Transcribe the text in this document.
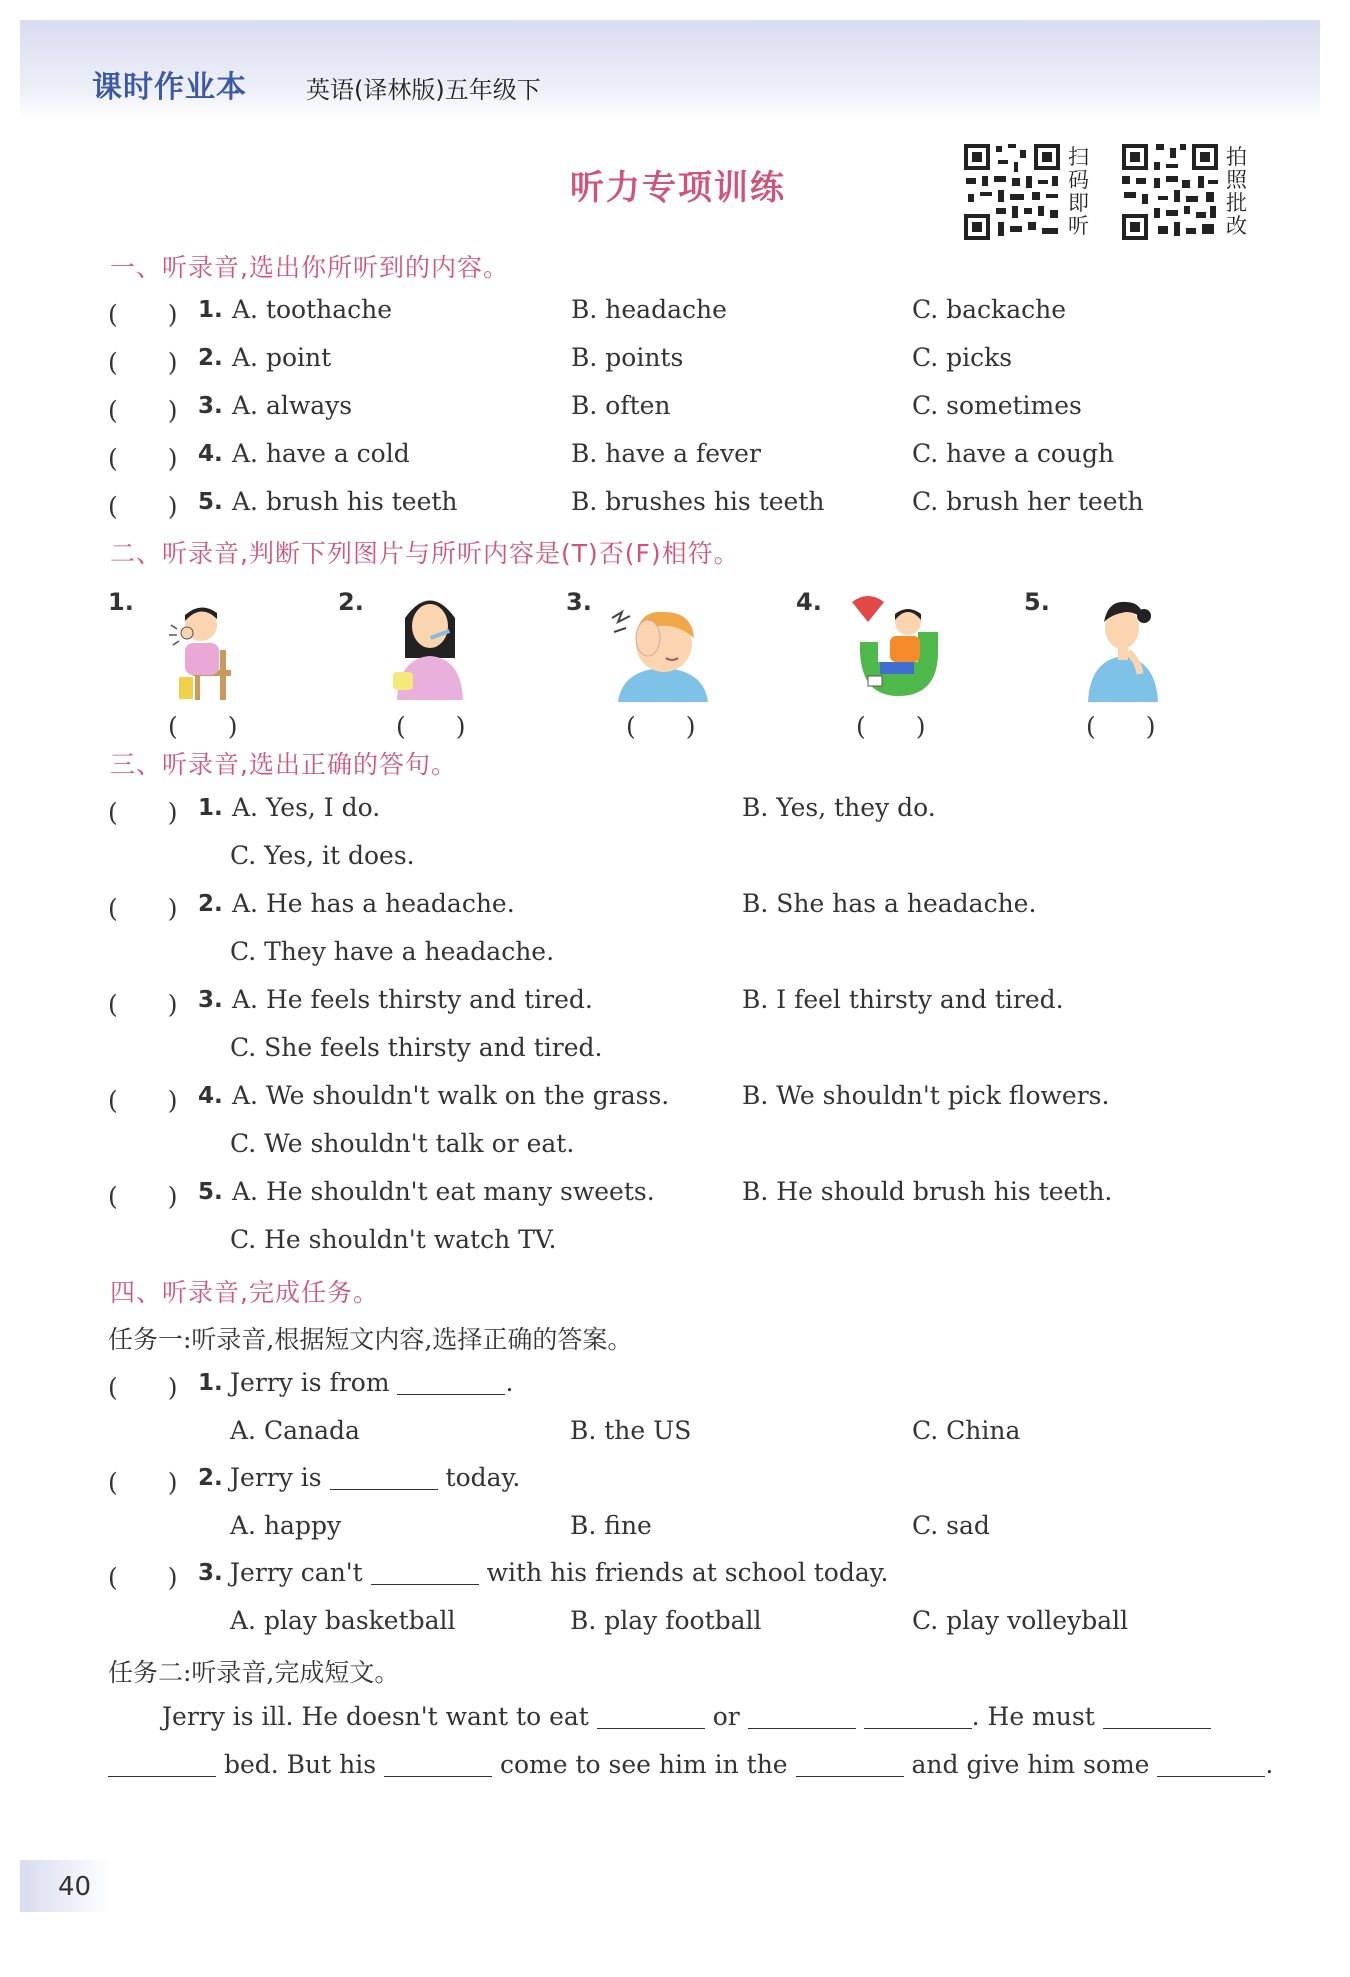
课时作业本 英语(译林版)五年级下
听力专项训练
扫
码
即
听
拍
照
批
改
一、听录音,选出你所听到的内容。
(　　) 1. A. toothache	B. headache	C. backache
(　　) 2. A. point	B. points	C. picks
(　　) 3. A. always	B. often	C. sometimes
(　　) 4. A. have a cold	B. have a fever	C. have a cough
(　　) 5. A. brush his teeth	B. brushes his teeth	C. brush her teeth
二、听录音,判断下列图片与所听内容是(T)否(F)相符。
1.	2.	3.	4.	5.
(　　)	(　　)	(　　)	(　　)	(　　)
三、听录音,选出正确的答句。
(　　) 1. A. Yes, I do.	B. Yes, they do.
C. Yes, it does.
(　　) 2. A. He has a headache.	B. She has a headache.
C. They have a headache.
(　　) 3. A. He feels thirsty and tired.	B. I feel thirsty and tired.
C. She feels thirsty and tired.
(　　) 4. A. We shouldn't walk on the grass.	B. We shouldn't pick flowers.
C. We shouldn't talk or eat.
(　　) 5. A. He shouldn't eat many sweets.	B. He should brush his teeth.
C. He shouldn't watch TV.
四、听录音,完成任务。
任务一:听录音,根据短文内容,选择正确的答案。
(　　) 1. Jerry is from	.
A. Canada	B. the US	C. China
(　　) 2. Jerry is	today.
A. happy	B. fine	C. sad
(　　) 3. Jerry can't	with his friends at school today.
A. play basketball	B. play football	C. play volleyball
任务二:听录音,完成短文。
Jerry is ill. He doesn't want to eat	or	. He must
bed. But his	come to see him in the	and give him some	.
40
